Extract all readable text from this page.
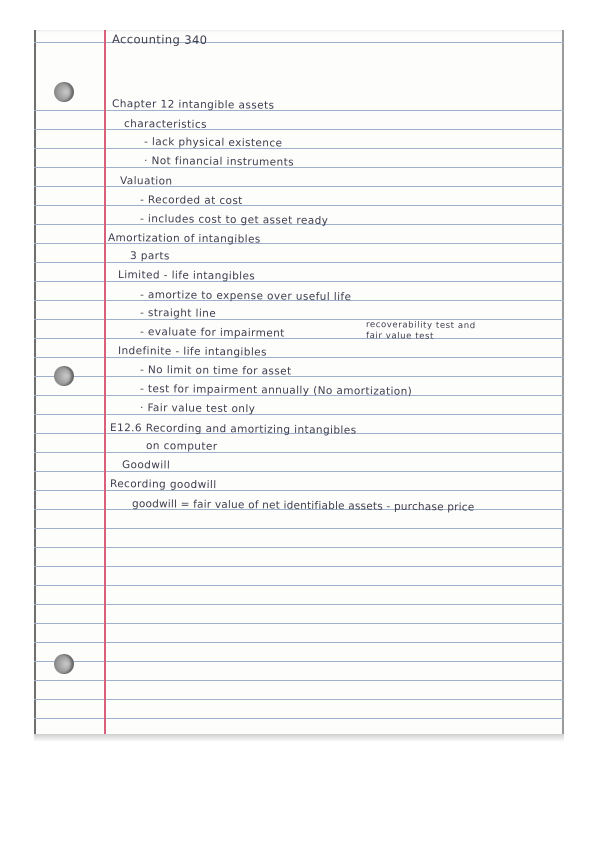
Accounting 340

Chapter 12 intangible assets

characteristics

- lack physical existence

· Not financial instruments

Valuation

- Recorded at cost

- includes cost to get asset ready

Amortization of intangibles

3 parts

Limited - life intangibles

- amortize to expense over useful life

- straight line

- evaluate for impairment

recoverability test and

fair value test

Indefinite - life intangibles

- No limit on time for asset

- test for impairment annually (No amortization)

· Fair value test only

E12.6 Recording and amortizing intangibles

on computer

Goodwill

Recording goodwill

goodwill = fair value of net identifiable assets - purchase price
